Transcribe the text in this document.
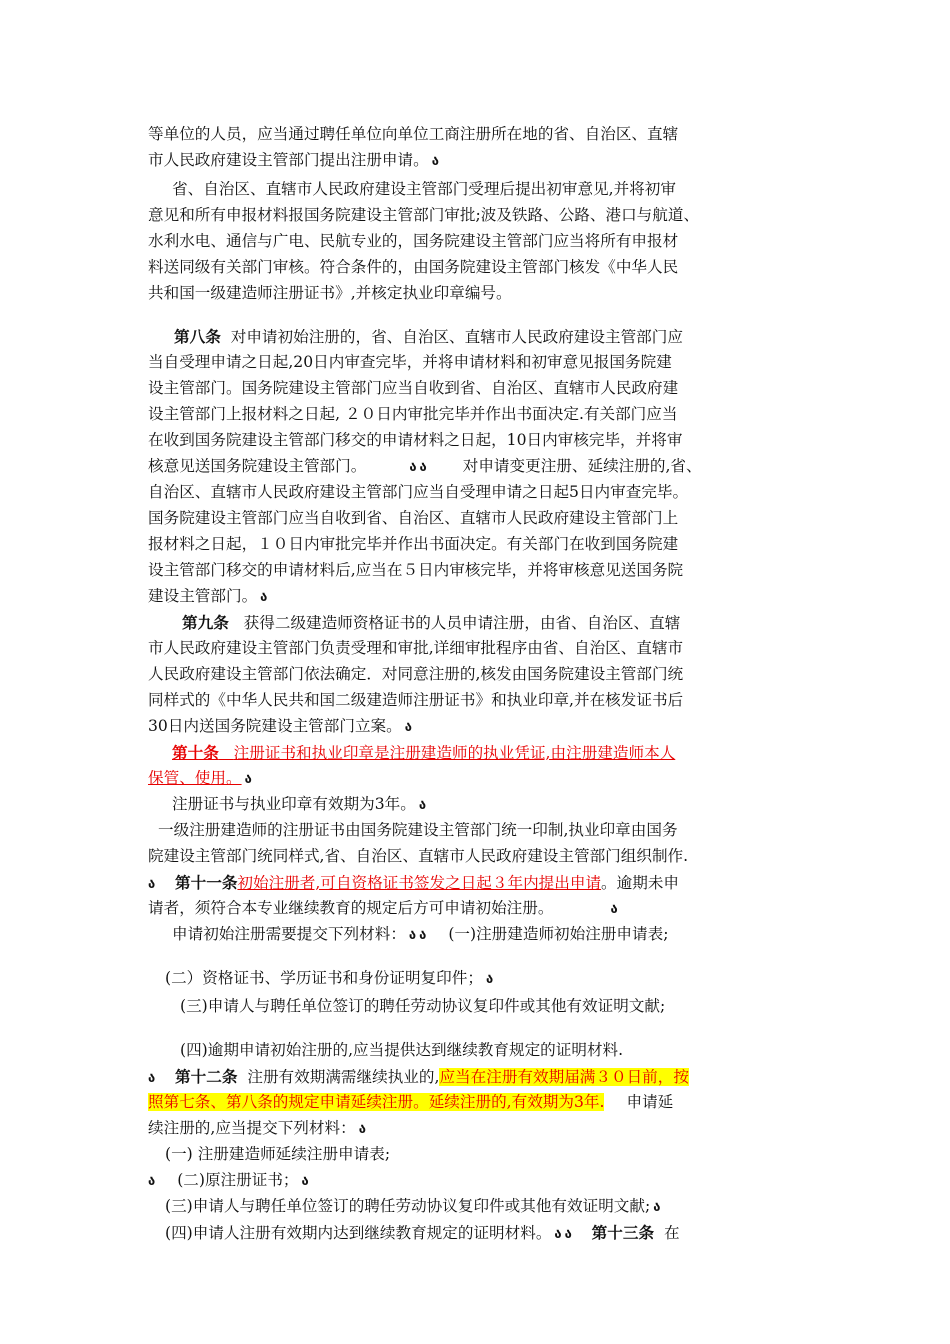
等单位的人员，应当通过聘任单位向单位工商注册所在地的省、自治区、直辖
市人民政府建设主管部门提出注册申请。 ა
省、自治区、直辖市人民政府建设主管部门受理后提出初审意见,并将初审
意见和所有申报材料报国务院建设主管部门审批;波及铁路、公路、港口与航道、
水利水电、通信与广电、民航专业的，国务院建设主管部门应当将所有申报材
料送同级有关部门审核。符合条件的，由国务院建设主管部门核发《中华人民
共和国一级建造师注册证书》,并核定执业印章编号。
第八条 对申请初始注册的，省、自治区、直辖市人民政府建设主管部门应
当自受理申请之日起,20日内审查完毕，并将申请材料和初审意见报国务院建
设主管部门。国务院建设主管部门应当自收到省、自治区、直辖市人民政府建
设主管部门上报材料之日起, ２０日内审批完毕并作出书面决定.有关部门应当
在收到国务院建设主管部门移交的申请材料之日起，10日内审核完毕，并将审
核意见送国务院建设主管部门。	ა ა 对申请变更注册、延续注册的,省、
自治区、直辖市人民政府建设主管部门应当自受理申请之日起5日内审查完毕。
国务院建设主管部门应当自收到省、自治区、直辖市人民政府建设主管部门上
报材料之日起，１０日内审批完毕并作出书面决定。有关部门在收到国务院建
设主管部门移交的申请材料后,应当在５日内审核完毕，并将审核意见送国务院
建设主管部门。 ა
第九条 获得二级建造师资格证书的人员申请注册，由省、自治区、直辖
市人民政府建设主管部门负责受理和审批,详细审批程序由省、自治区、直辖市
人民政府建设主管部门依法确定．对同意注册的,核发由国务院建设主管部门统
同样式的《中华人民共和国二级建造师注册证书》和执业印章,并在核发证书后
30日内送国务院建设主管部门立案。 ა
第十条 注册证书和执业印章是注册建造师的执业凭证,由注册建造师本人
保管、使用。 ა
注册证书与执业印章有效期为3年。 ა
一级注册建造师的注册证书由国务院建设主管部门统一印制,执业印章由国务
院建设主管部门统同样式,省、自治区、直辖市人民政府建设主管部门组织制作.
ა 第十一条初始注册者,可自资格证书签发之日起３年内提出申请。逾期未申
请者，须符合本专业继续教育的规定后方可申请初始注册。	ა
申请初始注册需要提交下列材料： ა ა (一)注册建造师初始注册申请表;
(二）资格证书、学历证书和身份证明复印件； ა
(三)申请人与聘任单位签订的聘任劳动协议复印件或其他有效证明文献;
(四)逾期申请初始注册的,应当提供达到继续教育规定的证明材料.
ა 第十二条 注册有效期满需继续执业的,应当在注册有效期届满３０日前，按
照第七条、第八条的规定申请延续注册。延续注册的,有效期为3年. 申请延
续注册的,应当提交下列材料： ა
(一) 注册建造师延续注册申请表;
ა (二)原注册证书； ა
(三)申请人与聘任单位签订的聘任劳动协议复印件或其他有效证明文献; ა
(四)申请人注册有效期内达到继续教育规定的证明材料。 ა ა 第十三条 在
